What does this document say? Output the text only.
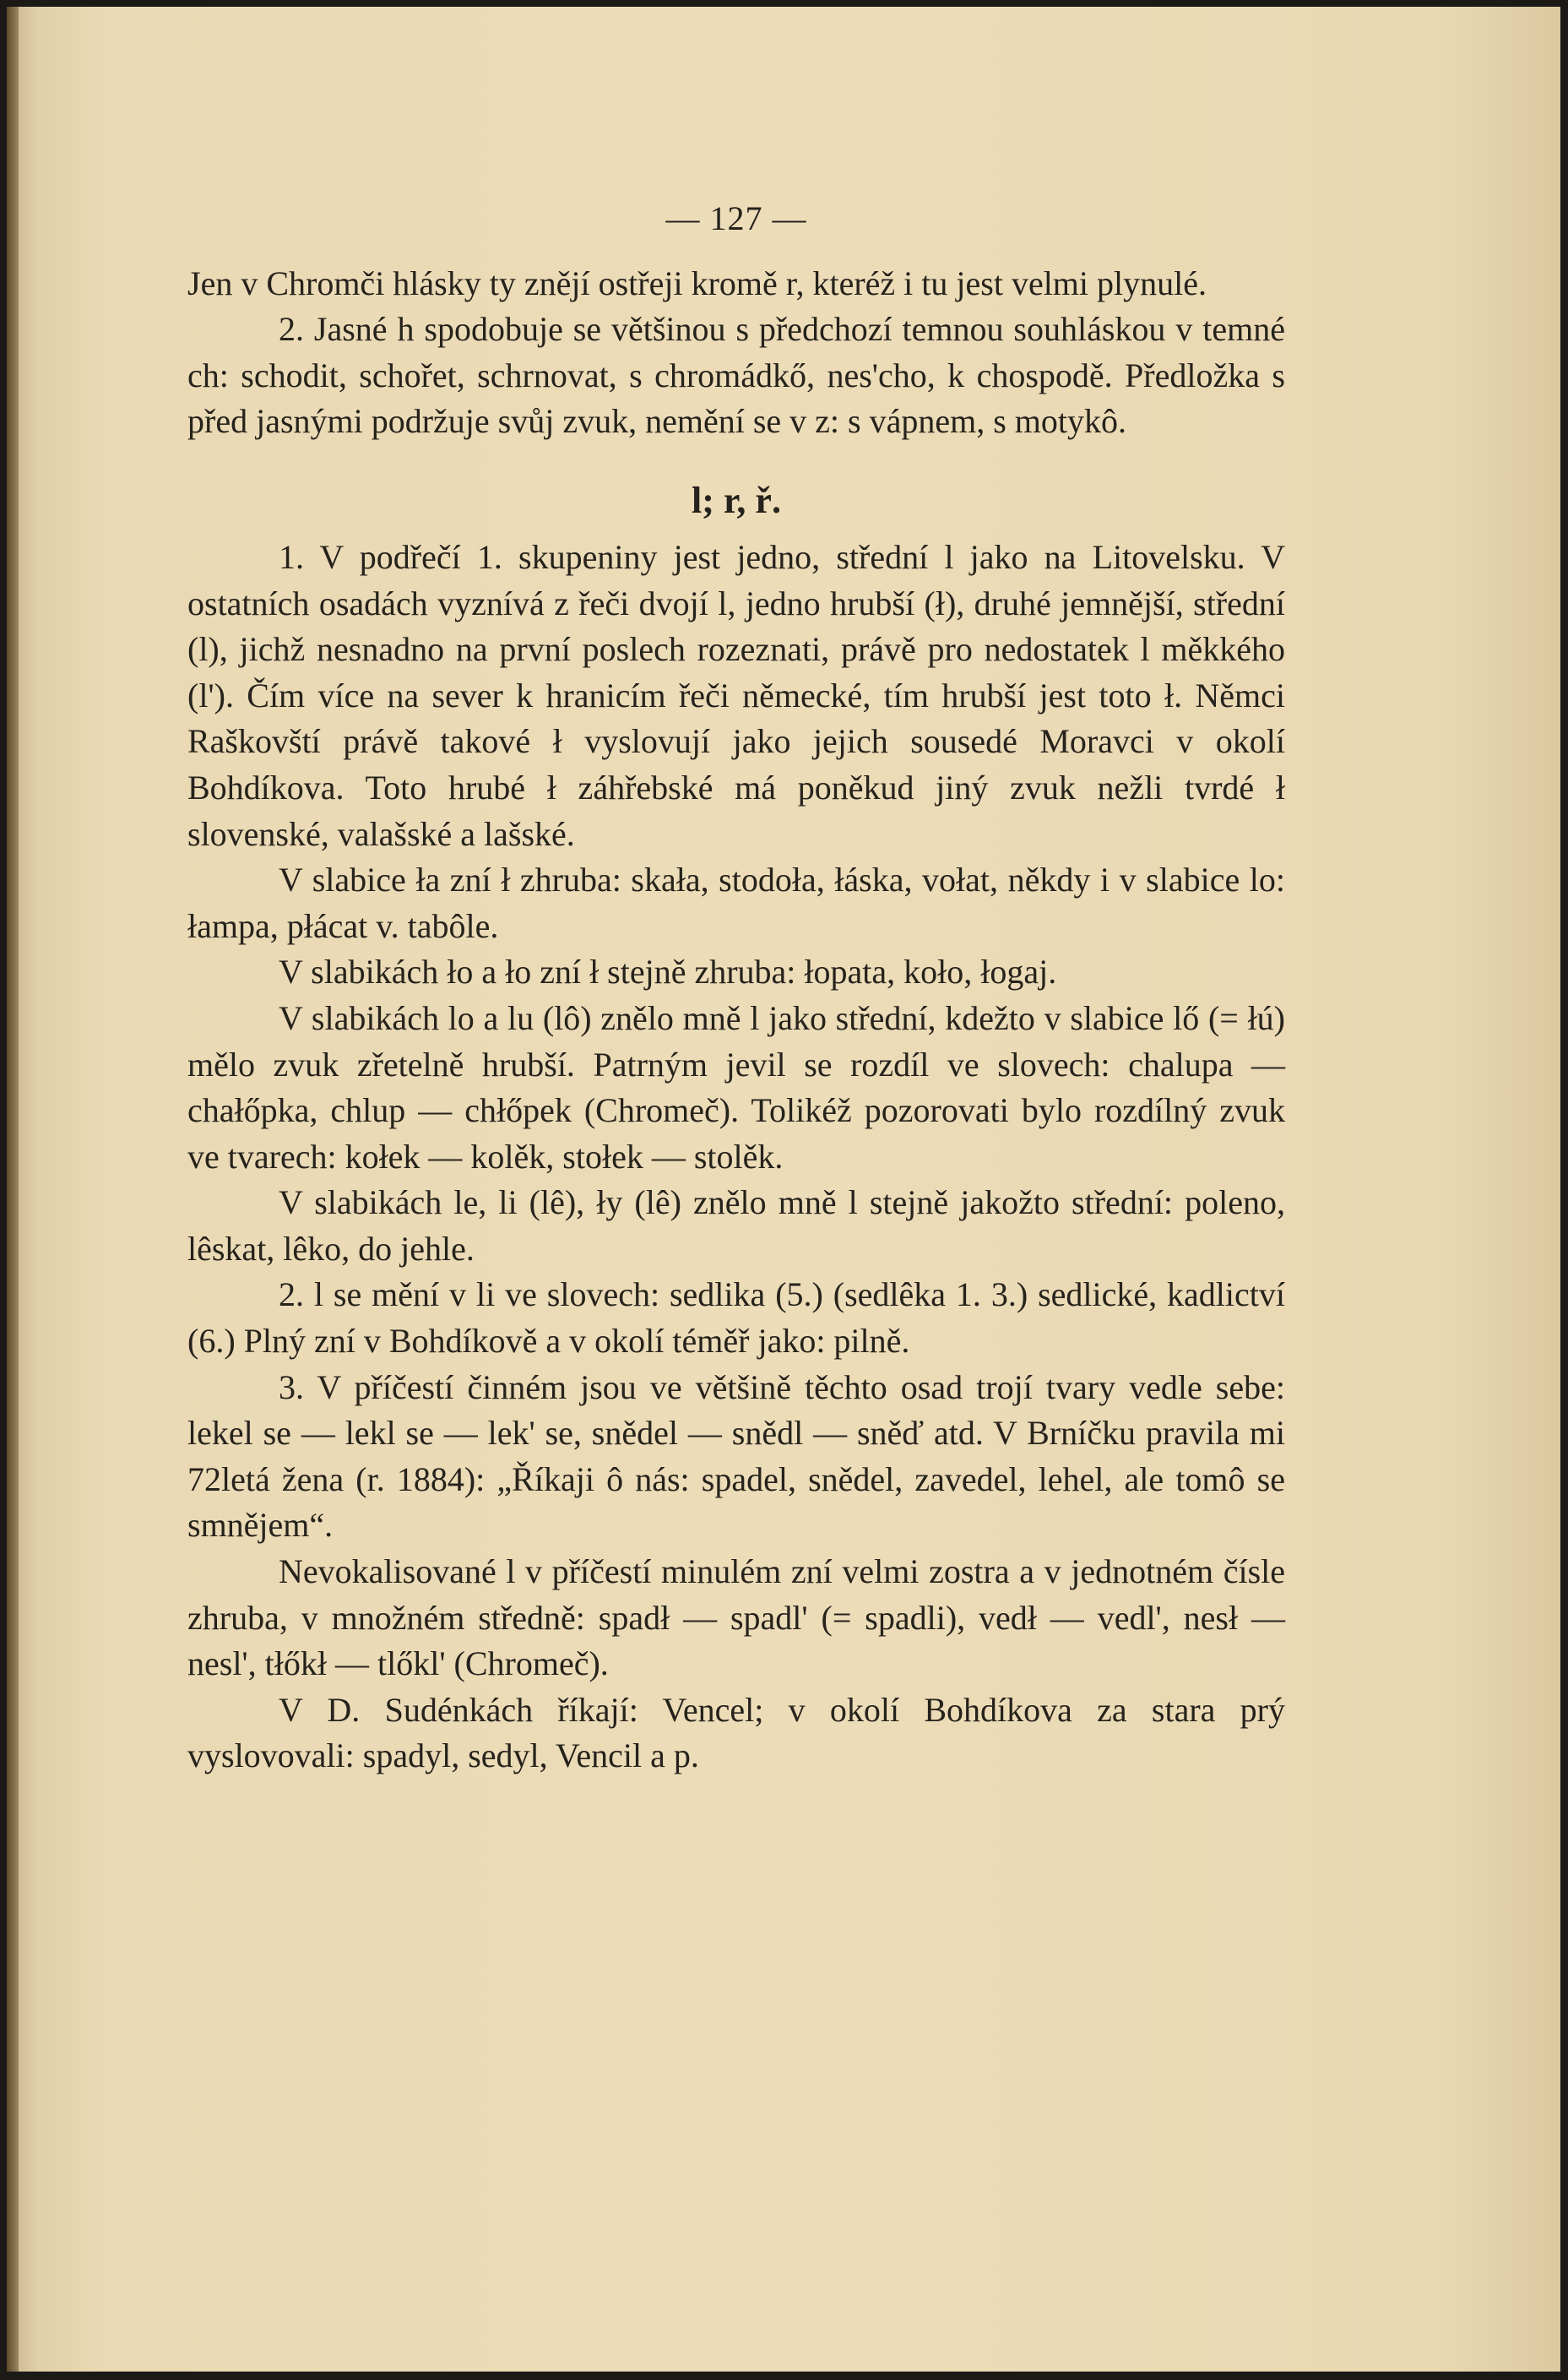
— 127 —

Jen v Chromči hlásky ty znějí ostřeji kromě r, kteréž i tu jest velmi plynulé.

2. Jasné h spodobuje se většinou s předchozí temnou souhláskou v temné ch: schodit, schořet, schrnovat, s chromádkő, nes'cho, k chospodě. Předložka s před jasnými podržuje svůj zvuk, nemění se v z: s vápnem, s motykô.

l; r, ř.

1. V podřečí 1. skupeniny jest jedno, střední l jako na Litovelsku. V ostatních osadách vyznívá z řeči dvojí l, jedno hrubší (ł), druhé jemnější, střední (l), jichž nesnadno na první poslech rozeznati, právě pro nedostatek l měkkého (l'). Čím více na sever k hranicím řeči německé, tím hrubší jest toto ł. Němci Raškovští právě takové ł vyslovují jako jejich sousedé Moravci v okolí Bohdíkova. Toto hrubé ł záhřebské má poněkud jiný zvuk nežli tvrdé ł slovenské, valašské a lašské.

V slabice ła zní ł zhruba: skała, stodoła, łáska, vołat, někdy i v slabice lo: łampa, płácat v. tabôle.

V slabikách ło a ło zní ł stejně zhruba: łopata, koło, łogaj.

V slabikách lo a lu (lô) znělo mně l jako střední, kdežto v slabice lő (= łú) mělo zvuk zřetelně hrubší. Patrným jevil se rozdíl ve slovech: chalupa — chałőpka, chlup — chłőpek (Chromeč). Tolikéž pozorovati bylo rozdílný zvuk ve tvarech: kołek — kolěk, stołek — stolěk.

V slabikách le, li (lê), ły (lê) znělo mně l stejně jakožto střední: poleno, lêskat, lêko, do jehle.

2. l se mění v li ve slovech: sedlika (5.) (sedlêka 1. 3.) sedlické, kadlictví (6.) Plný zní v Bohdíkově a v okolí téměř jako: pilně.

3. V příčestí činném jsou ve většině těchto osad trojí tvary vedle sebe: lekel se — lekl se — lek' se, snědel — snědl — sněď atd. V Brníčku pravila mi 72letá žena (r. 1884): „Říkaji ô nás: spadel, snědel, zavedel, lehel, ale tomô se smnějem“.

Nevokalisované l v příčestí minulém zní velmi zostra a v jednotném čísle zhruba, v množném středně: spadł — spadl' (= spadli), vedł — vedl', nesł — nesl', tłőkł — tlőkl' (Chromeč).

V D. Sudénkách říkají: Vencel; v okolí Bohdíkova za stara prý vyslovovali: spadyl, sedyl, Vencil a p.
